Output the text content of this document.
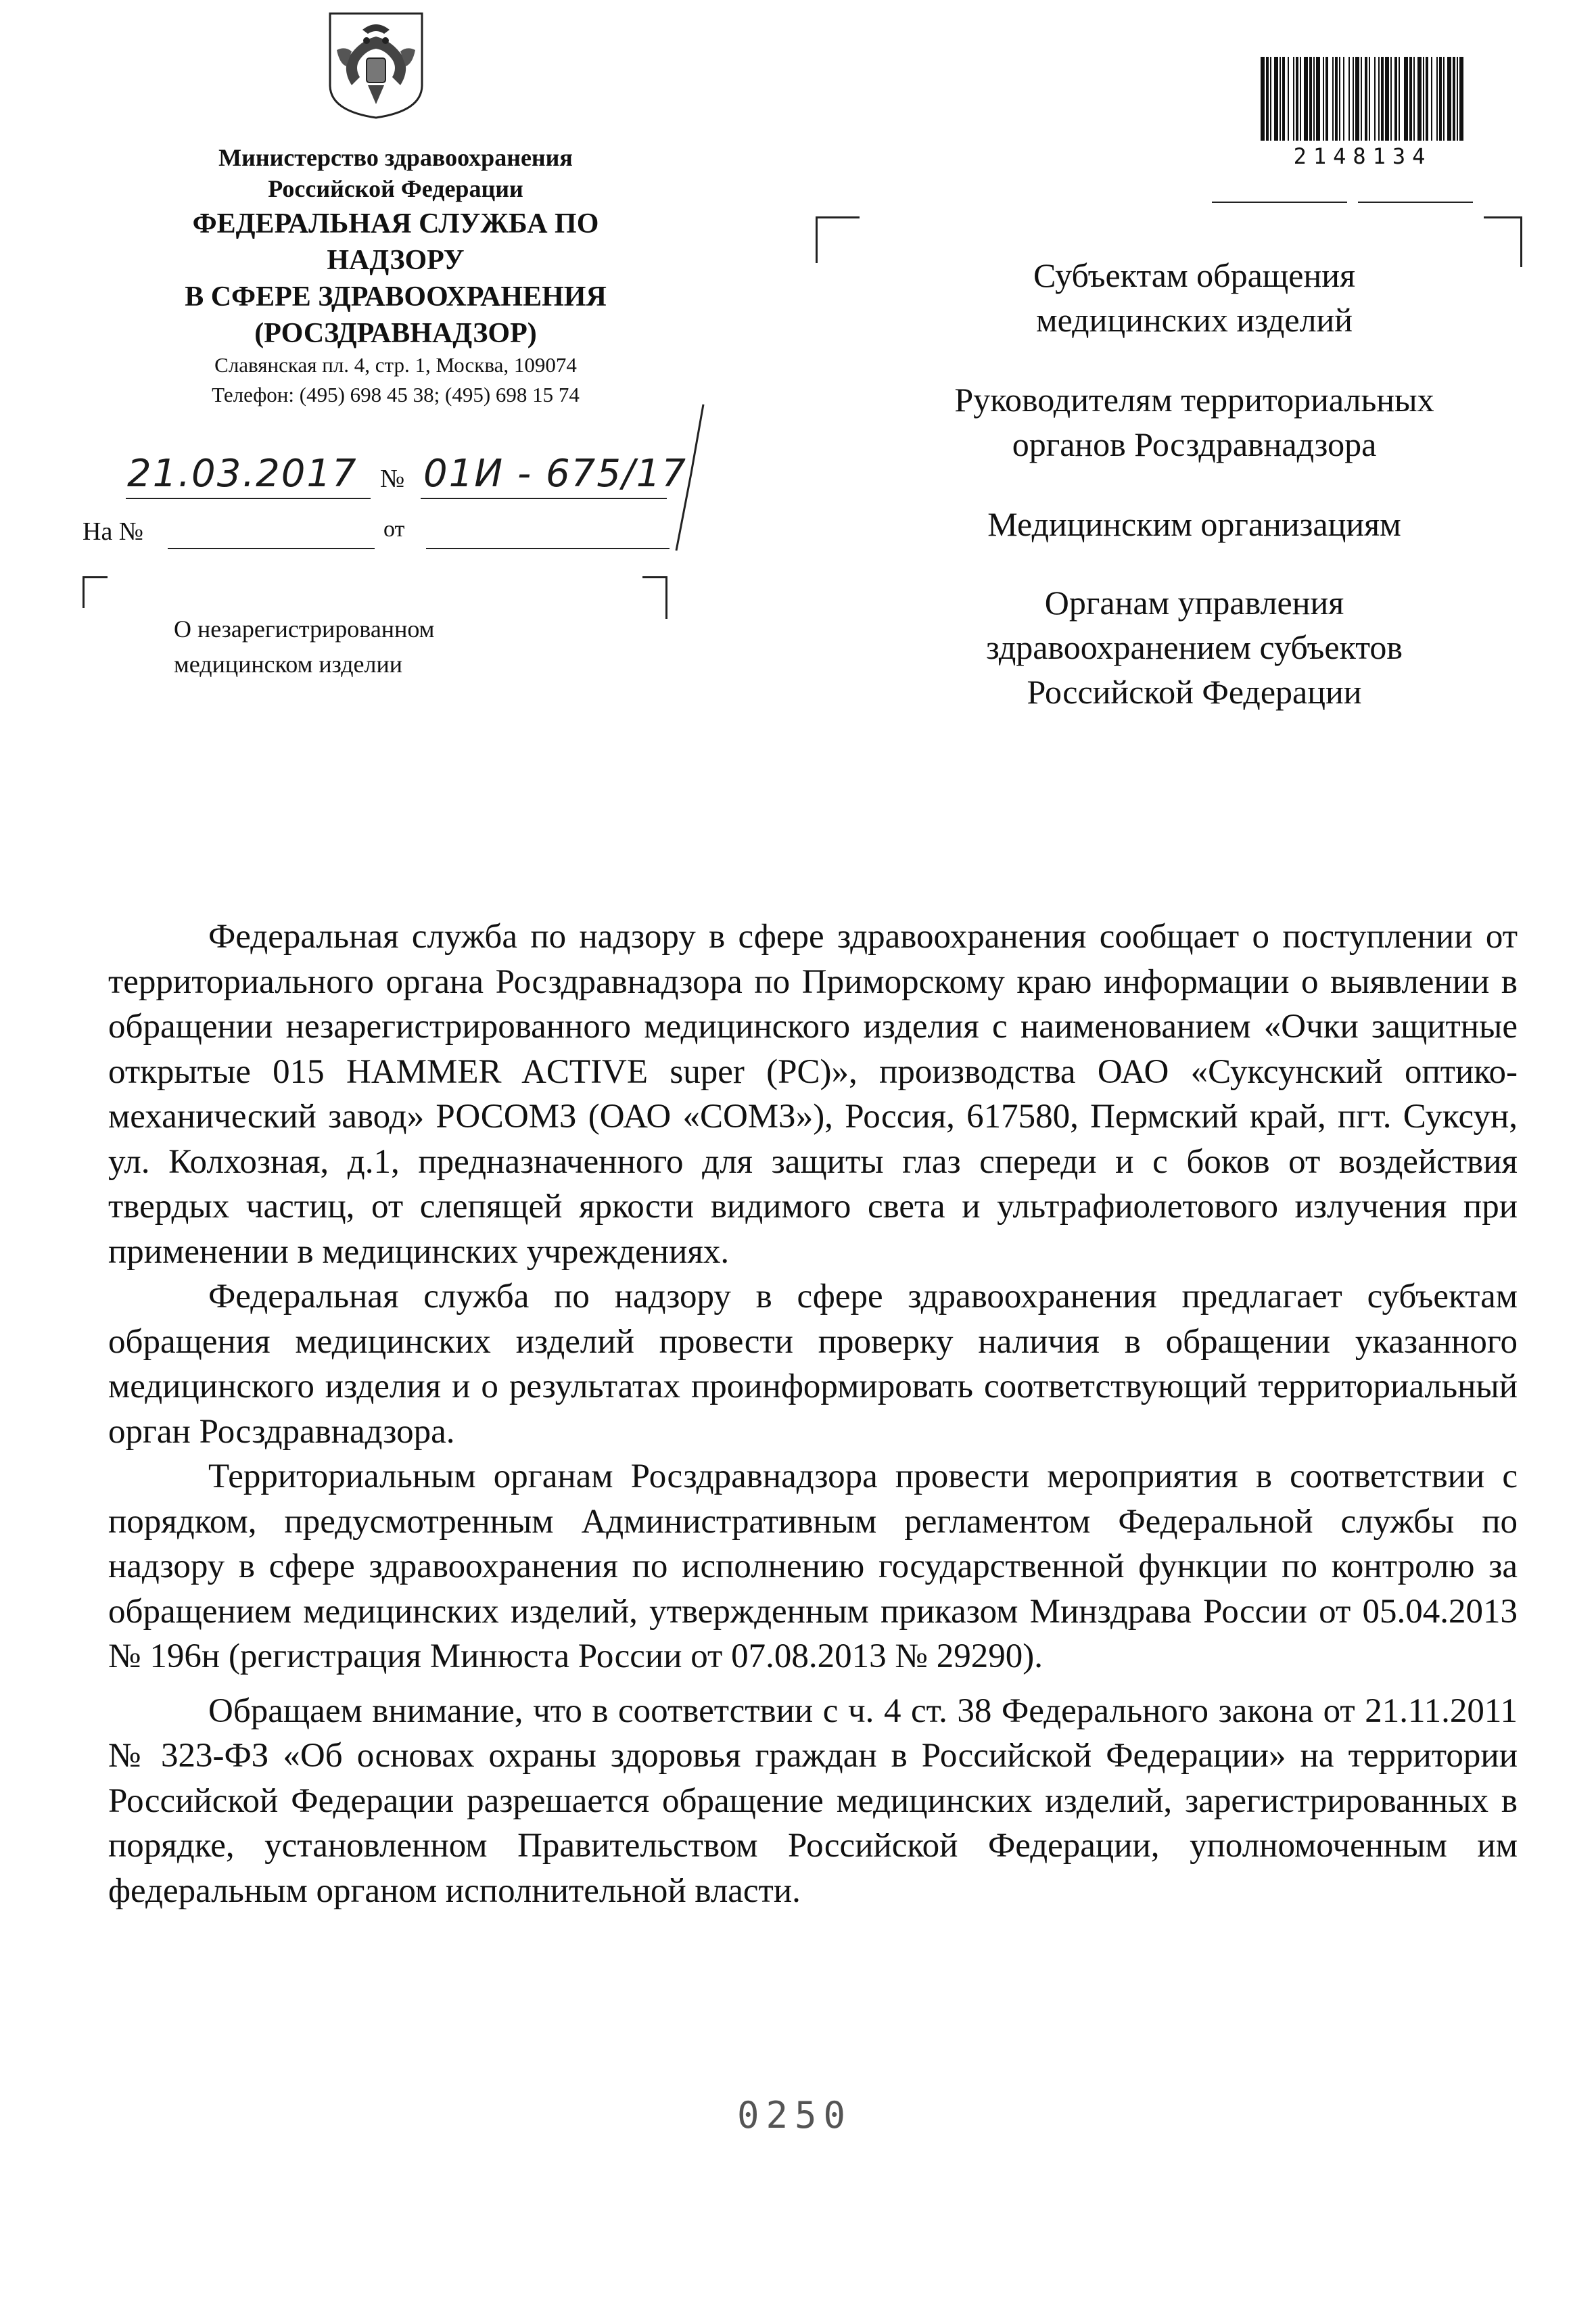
Министерство здравоохранения
Российской Федерации
ФЕДЕРАЛЬНАЯ СЛУЖБА ПО НАДЗОРУ
В СФЕРЕ ЗДРАВООХРАНЕНИЯ
(РОСЗДРАВНАДЗОР)
Славянская пл. 4, стр. 1, Москва, 109074
Телефон: (495) 698 45 38; (495) 698 15 74
21.03.2017 № 01И - 675/17
На №	от
О незарегистрированном
медицинском изделии
2148134
Субъектам обращения
медицинских изделий
Руководителям территориальных
органов Росздравнадзора
Медицинским организациям
Органам управления
здравоохранением субъектов
Российской Федерации

Федеральная служба по надзору в сфере здравоохранения сообщает о поступлении от территориального органа Росздравнадзора по Приморскому краю информации о выявлении в обращении незарегистрированного медицинского изделия с наименованием «Очки защитные открытые 015 HAMMER ACTIVE super (PC)», производства ОАО «Суксунский оптико-механический завод» РОСОМЗ (ОАО «СОМЗ»), Россия, 617580, Пермский край, пгт. Суксун, ул. Колхозная, д.1, предназначенного для защиты глаз спереди и с боков от воздействия твердых частиц, от слепящей яркости видимого света и ультрафиолетового излучения при применении в медицинских учреждениях.

Федеральная служба по надзору в сфере здравоохранения предлагает субъектам обращения медицинских изделий провести проверку наличия в обращении указанного медицинского изделия и о результатах проинформировать соответствующий территориальный орган Росздравнадзора.

Территориальным органам Росздравнадзора провести мероприятия в соответствии с порядком, предусмотренным Административным регламентом Федеральной службы по надзору в сфере здравоохранения по исполнению государственной функции по контролю за обращением медицинских изделий, утвержденным приказом Минздрава России от 05.04.2013 № 196н (регистрация Минюста России от 07.08.2013 № 29290).

Обращаем внимание, что в соответствии с ч. 4 ст. 38 Федерального закона от 21.11.2011 № 323-ФЗ «Об основах охраны здоровья граждан в Российской Федерации» на территории Российской Федерации разрешается обращение медицинских изделий, зарегистрированных в порядке, установленном Правительством Российской Федерации, уполномоченным им федеральным органом исполнительной власти.

0250
